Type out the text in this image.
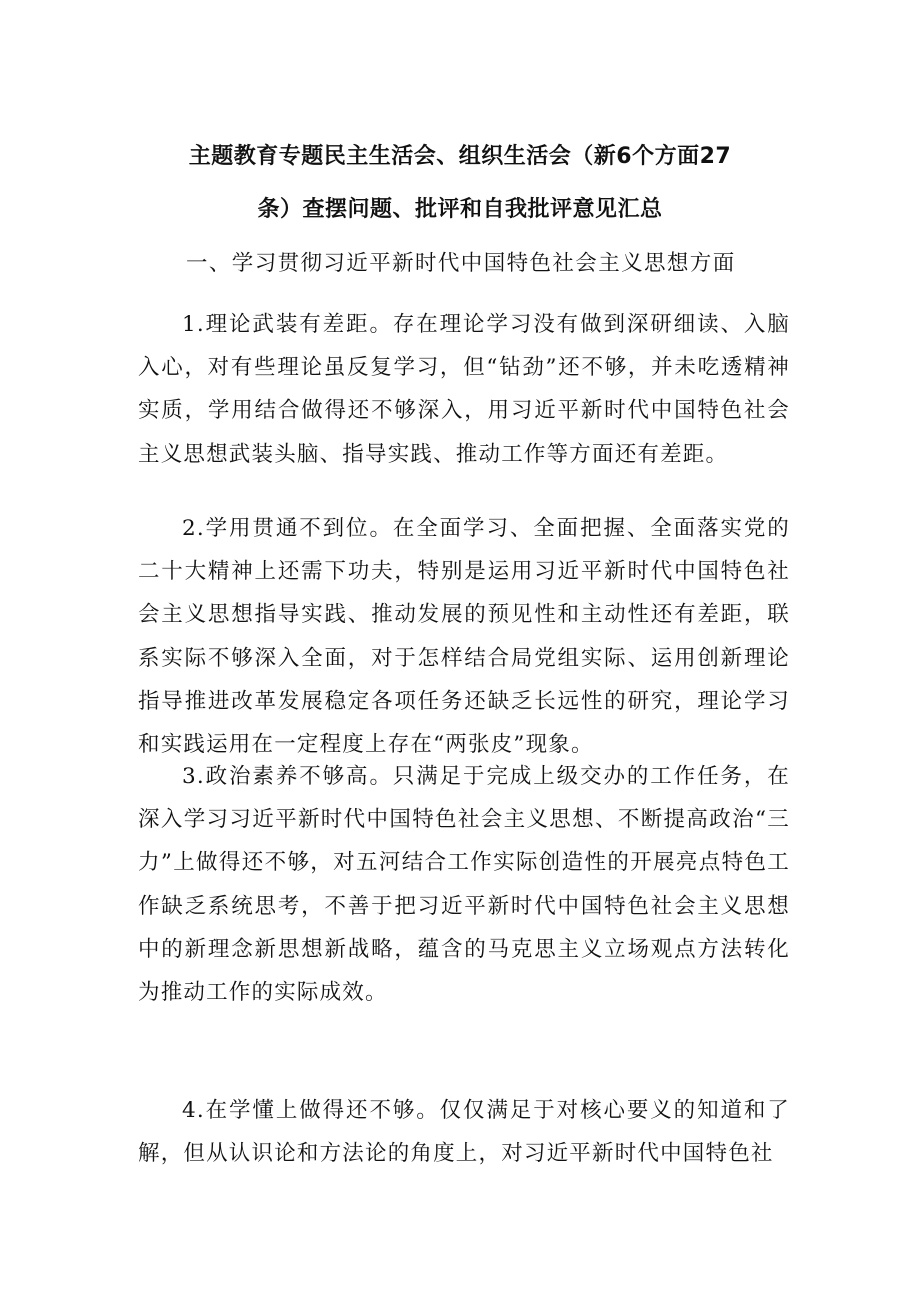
主题教育专题民主生活会、组织生活会（新6个方面27
条）查摆问题、批评和自我批评意见汇总
一、学习贯彻习近平新时代中国特色社会主义思想方面

1.理论武装有差距。存在理论学习没有做到深研细读、入脑入心，对有些理论虽反复学习，但“钻劲”还不够，并未吃透精神实质，学用结合做得还不够深入，用习近平新时代中国特色社会主义思想武装头脑、指导实践、推动工作等方面还有差距。

2.学用贯通不到位。在全面学习、全面把握、全面落实党的二十大精神上还需下功夫，特别是运用习近平新时代中国特色社会主义思想指导实践、推动发展的预见性和主动性还有差距，联系实际不够深入全面，对于怎样结合局党组实际、运用创新理论指导推进改革发展稳定各项任务还缺乏长远性的研究，理论学习和实践运用在一定程度上存在“两张皮”现象。

3.政治素养不够高。只满足于完成上级交办的工作任务，在深入学习习近平新时代中国特色社会主义思想、不断提高政治“三力”上做得还不够，对五河结合工作实际创造性的开展亮点特色工作缺乏系统思考，不善于把习近平新时代中国特色社会主义思想中的新理念新思想新战略，蕴含的马克思主义立场观点方法转化为推动工作的实际成效。

4.在学懂上做得还不够。仅仅满足于对核心要义的知道和了解，但从认识论和方法论的角度上，对习近平新时代中国特色社
